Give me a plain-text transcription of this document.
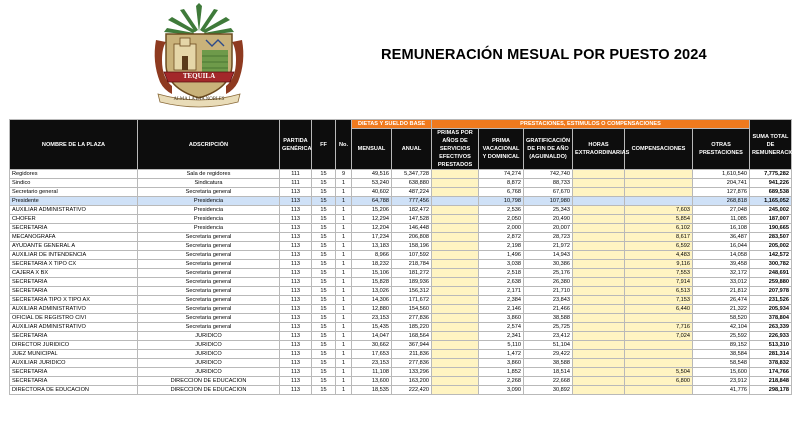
TEQUILA
ALMA LA ETA NOBLES
REMUNERACIÓN MESUAL POR PUESTO 2024
NOMBRE DE LA PLAZA	ADSCRIPCIÓN	PARTIDA GENÉRICA	FF	No.	DIETAS Y SUELDO BASE		PRESTACIONES, ESTIMULOS O COMPENSACIONES						SUMA TOTAL DE REMUNERACIONES
					MENSUAL	ANUAL	PRIMAS POR AÑOS DE SERVICIOS EFECTIVOS PRESTADOS	PRIMA VACACIONAL Y DOMINICAL	GRATIFICACIÓN DE FIN DE AÑO (AGUINALDO)	HORAS EXTRAORDINARIAS	COMPENSACIONES	OTRAS PRESTACIONES	
Regidores	Sala de regidores	111	15	9	49,516	5,347,728		74,274	742,740			1,610,540	7,775,282
Sindico	Sindicatura	111	15	1	53,240	638,880		8,872	88,733			204,741	941,226
Secretario general	Secretaria general	113	15	1	40,602	487,224		6,768	67,670			127,876	689,538
Presidente	Presidencia	113	15	1	64,788	777,456		10,798	107,980			268,818	1,165,052
AUXILIAR ADMINISTRATIVO	Presidencia	113	15	1	15,206	182,472		2,536	25,343		7,603	27,048	245,002
CHOFER	Presidencia	113	15	1	12,294	147,528		2,050	20,490		5,854	11,085	187,007
SECRETARIA	Presidencia	113	15	1	12,204	146,448		2,000	20,007		6,102	16,108	190,665
MECANOGRAFA	Secretaria general	113	15	1	17,234	206,808		2,872	28,723		8,617	36,487	283,507
AYUDANTE GENERAL A	Secretaria general	113	15	1	13,183	158,196		2,198	21,972		6,592	16,044	205,002
AUXILIAR DE INTENDENCIA	Secretaria general	113	15	1	8,966	107,592		1,496	14,943		4,483	14,058	142,572
SECRETARIA X TIPO CX	Secretaria general	113	15	1	18,232	218,784		3,038	30,386		9,116	39,458	300,782
CAJERA X BX	Secretaria general	113	15	1	15,106	181,272		2,518	25,176		7,553	32,172	248,691
SECRETARIA	Secretaria general	113	15	1	15,828	189,936		2,638	26,380		7,914	33,012	259,880
SECRETARIA	Secretaria general	113	15	1	13,026	156,312		2,171	21,710		6,513	21,812	207,978
SECRETARIA TIPO X TIPO AX	Secretaria general	113	15	1	14,306	171,672		2,384	23,843		7,153	26,474	231,526
AUXILIAR ADMINISTRATIVO	Secretaria general	113	15	1	12,880	154,560		2,146	21,466		6,440	21,322	205,934
OFICIAL DE REGISTRO CIVI	Secretaria general	113	15	1	23,153	277,836		3,860	38,588			58,520	378,804
AUXILIAR ADMINISTRATIVO	Secretaria general	113	15	1	15,435	185,220		2,574	25,725		7,716	42,104	263,339
SECRETARIA	JURIDICO	113	15	1	14,047	168,564		2,341	23,412		7,024	25,592	226,933
DIRECTOR JURIDICO	JURIDICO	113	15	1	30,662	367,944		5,110	51,104			89,152	513,310
JUEZ MUNICIPAL	JURIDICO	113	15	1	17,653	211,836		1,472	29,422			38,584	281,314
AUXILIAR JURIDICO	JURIDICO	113	15	1	23,153	277,836		3,860	38,588			58,548	378,832
SECRETARIA	JURIDICO	113	15	1	11,108	133,296		1,852	18,514		5,504	15,600	174,766
SECRETARIA	DIRECCION DE EDUCACION	113	15	1	13,600	163,200		2,268	22,668		6,800	23,912	218,848
DIRECTORA DE EDUCACION	DIRECCION DE EDUCACION	113	15	1	18,535	222,420		3,090	30,892			41,776	298,178
